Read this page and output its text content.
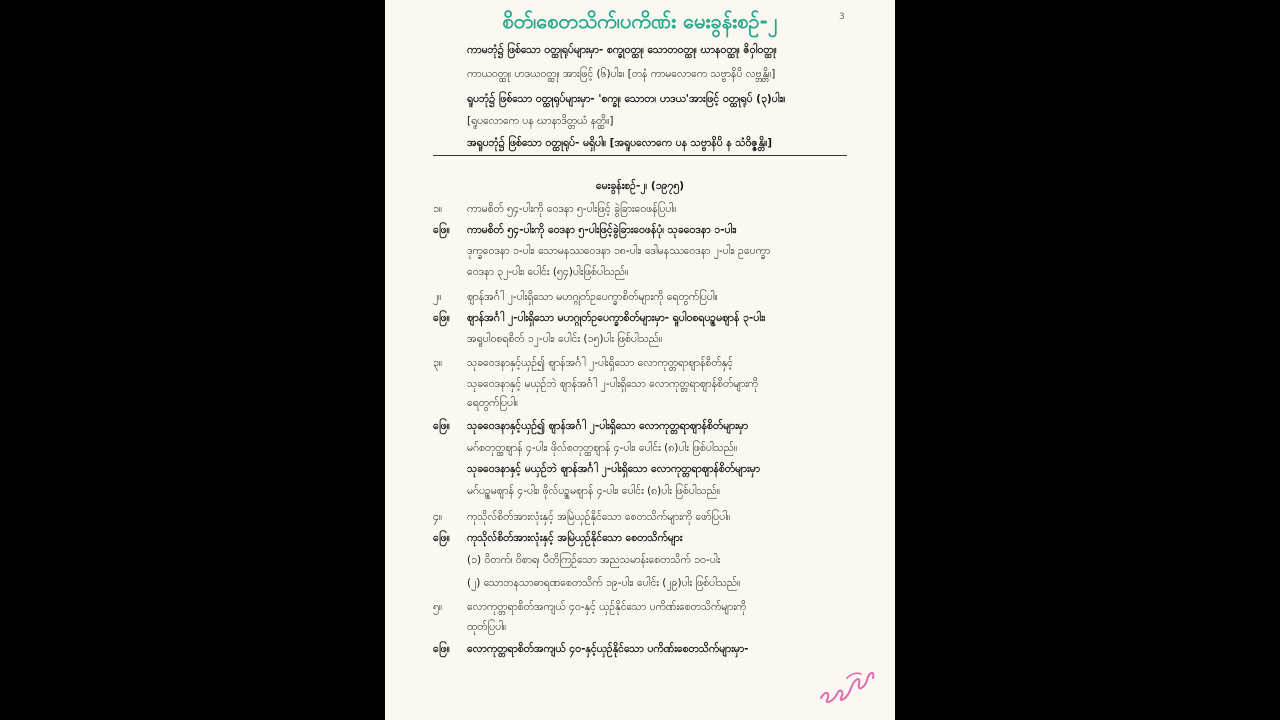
စိတ်၊စေတသိက်၊ပကိဏ်း မေးခွန်းစဉ်-၂	3
ကာမဘုံ၌ ဖြစ်သော ဝတ္ထုရုပ်များမှာ- စက္ခုဝတ္ထု၊ သောတဝတ္ထု၊ ဃာနဝတ္ထု၊ ဇိဝှါဝတ္ထု၊
ကာယဝတ္ထု၊ ဟဒယဝတ္ထု၊ အားဖြင့် (၆)ပါး။ [တနံ ကာမလောကေ သဗ္ဗာနိပိ လဗ္ဘန္တိ။]
ရူပဘုံ၌ ဖြစ်သော ဝတ္ထုရုပ်များမှာ- 'စက္ခု၊ သောတ၊ ဟဒယ'အားဖြင့် ဝတ္ထုရုပ် (၃)ပါး။
[ရူပလောကေ ပန ဃာနာဒိတ္တယံ နတ္ထိ။]
အရူပဘုံ၌ ဖြစ်သော ဝတ္ထုရုပ်- မရှိပါ။ [အရူပလောကေ ပန သဗ္ဗာနိပိ န သံဝိဇ္ဇန္တိ။]
မေးခွန်းစဉ်-၂၊ (၁၉၇၅)
၁။ ကာမစိတ် ၅၄-ပါးကို ဝေဒနာ ၅-ပါးဖြင့် ခွဲခြားဝေဖန်ပြပါ။
ဖြေ။ ကာမစိတ် ၅၄-ပါးကို ဝေဒနာ ၅-ပါးဖြင့်ခွဲခြားဝေဖန်ပုံ၊ သုခဝေဒနာ ၁-ပါး၊
ဒုက္ခဝေဒနာ ၁-ပါး၊ သောမနဿဝေဒနာ ၁၈-ပါး၊ ဒေါမနဿဝေဒနာ ၂-ပါး၊ ဥပေက္ခာ
ဝေဒနာ ၃၂-ပါး၊ ပေါင်း (၅၄)ပါးဖြစ်ပါသည်။
၂။ ဈာန်အင်္ဂါ ၂-ပါးရှိသော မဟဂ္ဂုတ်ဥပေက္ခာစိတ်များကို ရေတွက်ပြပါ။
ဖြေ။ ဈာန်အင်္ဂါ ၂-ပါးရှိသော မဟဂ္ဂုတ်ဥပေက္ခာစိတ်များမှာ- ရူပါဝစရပဉ္စမဈာန် ၃-ပါး၊
အရူပါဝစရစိတ် ၁၂-ပါး၊ ပေါင်း (၁၅)ပါး ဖြစ်ပါသည်။
၃။ သုခဝေဒနာနှင့်ယှဉ်၍ ဈာန်အင်္ဂါ ၂-ပါးရှိသော လောကုတ္တရာဈာန်စိတ်နှင့်
သုခဝေဒနာနှင့် မယှဉ်ဘဲ ဈာန်အင်္ဂါ ၂-ပါးရှိသော လောကုတ္တရာဈာန်စိတ်များကို
ရေတွက်ပြပါ။
ဖြေ။ သုခဝေဒနာနှင့်ယှဉ်၍ ဈာန်အင်္ဂါ ၂-ပါးရှိသော လောကုတ္တရာဈာန်စိတ်များမှာ
မဂ်စတုတ္ထဈာန် ၄-ပါး၊ ဖိုလ်စတုတ္ထဈာန် ၄-ပါး၊ ပေါင်း (၈)ပါး ဖြစ်ပါသည်။
သုခဝေဒနာနှင့် မယှဉ်ဘဲ ဈာန်အင်္ဂါ ၂-ပါးရှိသော လောကုတ္တရာဈာန်စိတ်များမှာ
မဂ်ပဉ္စမဈာန် ၄-ပါး၊ ဖိုလ်ပဉ္စမဈာန် ၄-ပါး၊ ပေါင်း (၈)ပါး ဖြစ်ပါသည်။
၄။ ကုသိုလ်စိတ်အားလုံးနှင့် အမြဲယှဉ်နိုင်သော စေတသိက်များကို ဖော်ပြပါ။
ဖြေ။ ကုသိုလ်စိတ်အားလုံးနှင့် အမြဲယှဉ်နိုင်သော စေတသိက်များ
(၁) ဝိတက်၊ ဝိစာရ၊ ပီတိကြဉ်သော အညသမာန်းစေတသိက် ၁၀-ပါး
(၂) သောဘနသာဓာရဏစေတသိက် ၁၉-ပါး၊ ပေါင်း (၂၉)ပါး ဖြစ်ပါသည်။
၅။ လောကုတ္တရာစိတ်အကျယ် ၄၀-နှင့် ယှဉ်နိုင်သော ပကိဏ်းစေတသိက်များကို
ထုတ်ပြပါ။
ဖြေ။ လောကုတ္တရာစိတ်အကျယ် ၄၀-နှင့်ယှဉ်နိုင်သော ပကိဏ်းစေတသိက်များမှာ-
